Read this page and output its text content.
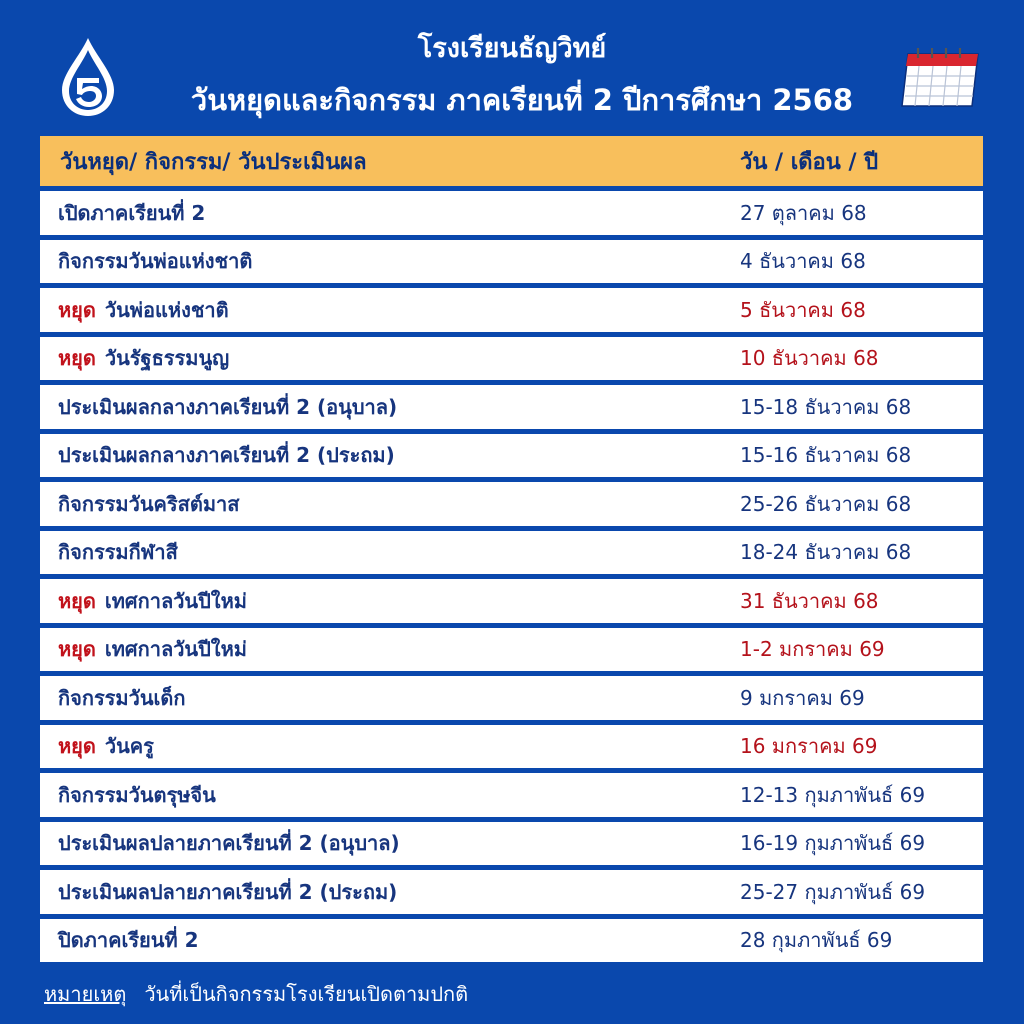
โรงเรียนธัญวิทย์
วันหยุดและกิจกรรม ภาคเรียนที่ 2 ปีการศึกษา 2568
วันหยุด/ กิจกรรม/ วันประเมินผล	วัน / เดือน / ปี
เปิดภาคเรียนที่ 2	27 ตุลาคม 68
กิจกรรมวันพ่อแห่งชาติ	4 ธันวาคม 68
หยุด วันพ่อแห่งชาติ	5 ธันวาคม 68
หยุด วันรัฐธรรมนูญ	10 ธันวาคม 68
ประเมินผลกลางภาคเรียนที่ 2 (อนุบาล)	15-18 ธันวาคม 68
ประเมินผลกลางภาคเรียนที่ 2 (ประถม)	15-16 ธันวาคม 68
กิจกรรมวันคริสต์มาส	25-26 ธันวาคม 68
กิจกรรมกีฬาสี	18-24 ธันวาคม 68
หยุด เทศกาลวันปีใหม่	31 ธันวาคม 68
หยุด เทศกาลวันปีใหม่	1-2 มกราคม 69
กิจกรรมวันเด็ก	9 มกราคม 69
หยุด วันครู	16 มกราคม 69
กิจกรรมวันตรุษจีน	12-13 กุมภาพันธ์ 69
ประเมินผลปลายภาคเรียนที่ 2 (อนุบาล)	16-19 กุมภาพันธ์ 69
ประเมินผลปลายภาคเรียนที่ 2 (ประถม)	25-27 กุมภาพันธ์ 69
ปิดภาคเรียนที่ 2	28 กุมภาพันธ์ 69
หมายเหตุ วันที่เป็นกิจกรรมโรงเรียนเปิดตามปกติ
